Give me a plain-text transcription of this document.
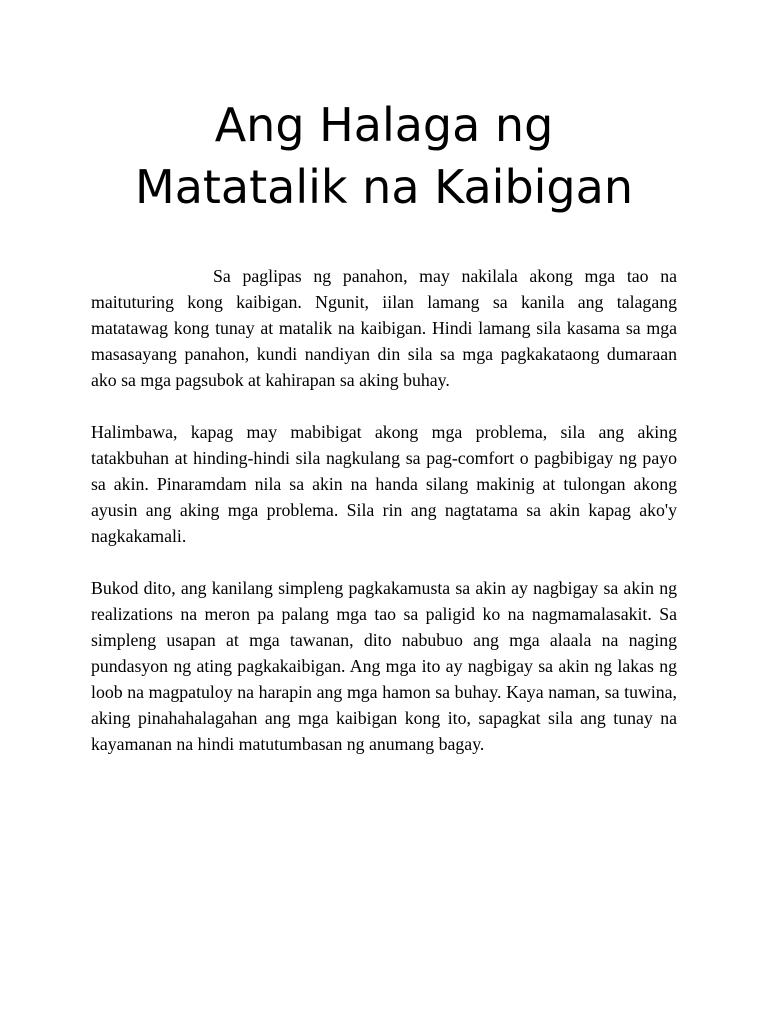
Ang Halaga ng
Matatalik na Kaibigan

Sa paglipas ng panahon, may nakilala akong mga tao na maituturing kong kaibigan. Ngunit, iilan lamang sa kanila ang talagang matatawag kong tunay at matalik na kaibigan. Hindi lamang sila kasama sa mga masasayang panahon, kundi nandiyan din sila sa mga pagkakataong dumaraan ako sa mga pagsubok at kahirapan sa aking buhay.

Halimbawa, kapag may mabibigat akong mga problema, sila ang aking tatakbuhan at hinding-hindi sila nagkulang sa pag-comfort o pagbibigay ng payo sa akin. Pinaramdam nila sa akin na handa silang makinig at tulongan akong ayusin ang aking mga problema. Sila rin ang nagtatama sa akin kapag ako'y nagkakamali.

Bukod dito, ang kanilang simpleng pagkakamusta sa akin ay nagbigay sa akin ng realizations na meron pa palang mga tao sa paligid ko na nagmamalasakit. Sa simpleng usapan at mga tawanan, dito nabubuo ang mga alaala na naging pundasyon ng ating pagkakaibigan. Ang mga ito ay nagbigay sa akin ng lakas ng loob na magpatuloy na harapin ang mga hamon sa buhay. Kaya naman, sa tuwina, aking pinahahalagahan ang mga kaibigan kong ito, sapagkat sila ang tunay na kayamanan na hindi matutumbasan ng anumang bagay.
